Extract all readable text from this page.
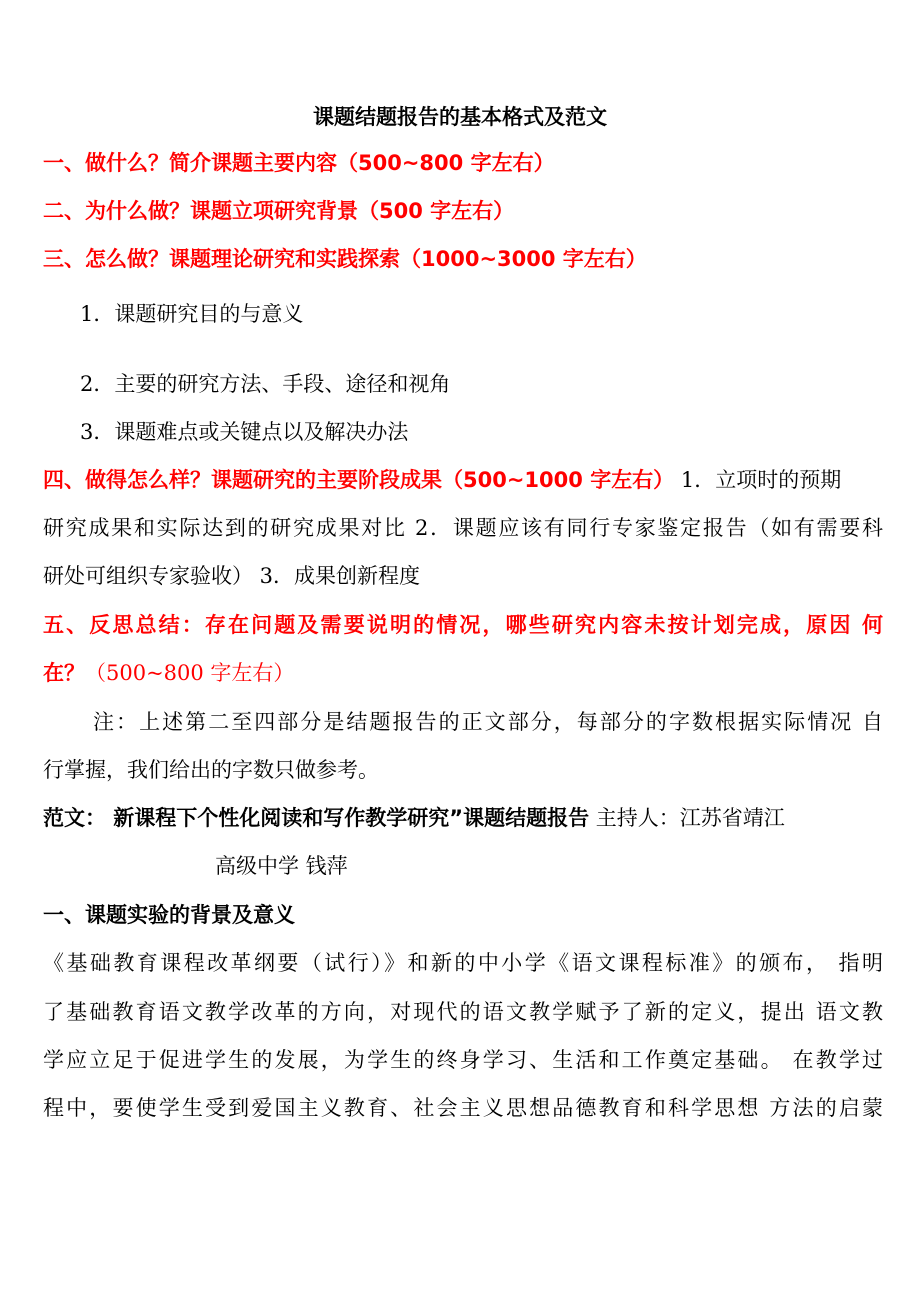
课题结题报告的基本格式及范文
一、做什么？简介课题主要内容（500~800 字左右）
二、为什么做？课题立项研究背景（500 字左右）
三、怎么做？课题理论研究和实践探索（1000~3000 字左右）
1．课题研究目的与意义
2．主要的研究方法、手段、途径和视角
3．课题难点或关键点以及解决办法
四、做得怎么样？课题研究的主要阶段成果（500~1000 字左右） 1．立项时的预期
研究成果和实际达到的研究成果对比 2．课题应该有同行专家鉴定报告（如有需要科
研处可组织专家验收） 3．成果创新程度
五、反思总结：存在问题及需要说明的情况，哪些研究内容未按计划完成，原因 何
在？（500~800 字左右）
注：上述第二至四部分是结题报告的正文部分，每部分的字数根据实际情况 自
行掌握，我们给出的字数只做参考。
范文： 新课程下个性化阅读和写作教学研究”课题结题报告 主持人：江苏省靖江
高级中学 钱萍
一、课题实验的背景及意义
《基础教育课程改革纲要（试行）》和新的中小学《语文课程标准》的颁布， 指明
了基础教育语文教学改革的方向，对现代的语文教学赋予了新的定义，提出 语文教
学应立足于促进学生的发展，为学生的终身学习、生活和工作奠定基础。 在教学过
程中，要使学生受到爱国主义教育、社会主义思想品德教育和科学思想 方法的启蒙
